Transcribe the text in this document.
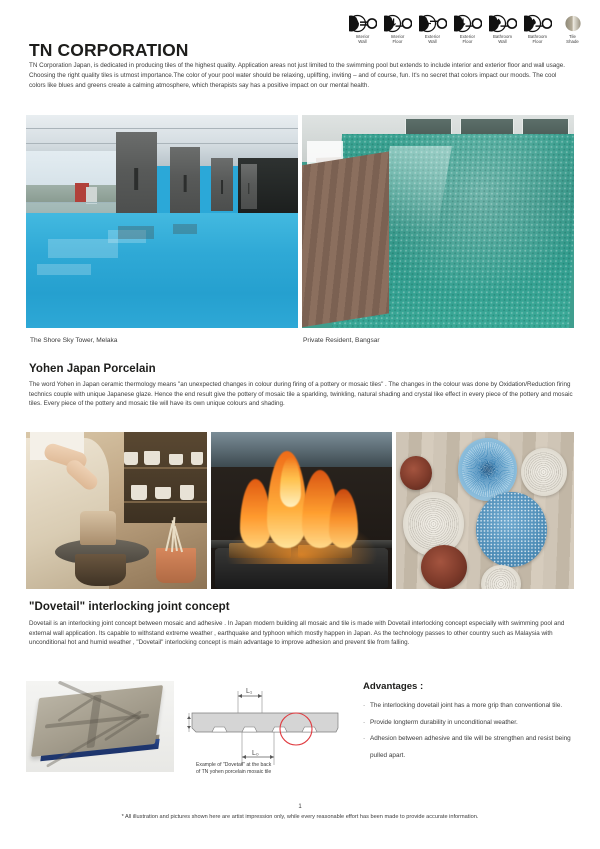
Interior
Wall
Interior
Floor
Exterior
Wall
Exterior
Floor
Bathroom
Wall
Bathroom
Floor
Tile
Shade
TN CORPORATION
TN Corporation Japan, is dedicated in producing tiles of the highest quality. Application areas not just limited to the swimming pool but extends to include interior and exterior floor and wall usage. Choosing the right quality tiles is utmost importance.The color of your pool water should be relaxing, uplifting, inviting – and of course, fun. It's no secret that colors impact our moods. The cool colors like blues and greens create a calming atmosphere, which therapists say has a positive impact on our mental health.
The Shore Sky Tower, Melaka	Private Resident, Bangsar
Yohen Japan Porcelain
The word Yohen in Japan ceramic thermology means "an unexpected changes in colour during firing of a pottery or mosaic tiles" . The changes in the colour was done by Oxidation/Reduction firing technics couple with unique Japanese glaze. Hence the end result give the pottery of mosaic tile a sparkling, twinkling, natural shading and crystal like effect in every piece of the pottery and mosaic tiles. Every piece of the pottery and mosaic tile will have its own unique colours and shading.
"Dovetail" interlocking joint concept
Dovetail is an interlocking joint concept between mosaic and adhesive . In Japan modern building all mosaic and tile is made with Dovetail interlocking concept especially with swimming pool and external wall application. Its capable to withstand extreme weather , earthquake and typhoon which mostly happen in Japan. As the technology passes to other country such as Malaysia with unconditional hot and humid weather , "Dovetail" interlocking concept is main advantage to improve adhesion and prevent tile from falling.
L₁
L₀
Example of "Dovetail" at the back
of TN yohen porcelain mosaic tile
Advantages :
· The interlocking dovetail joint has a more grip than conventional tile.
· Provide longterm durability in unconditional weather.
· Adhesion between adhesive and tile will be strengthen and resist being pulled apart.
1
* All illustration and pictures shown here are artist impression only, while every reasonable effort has been made to provide accurate information.
